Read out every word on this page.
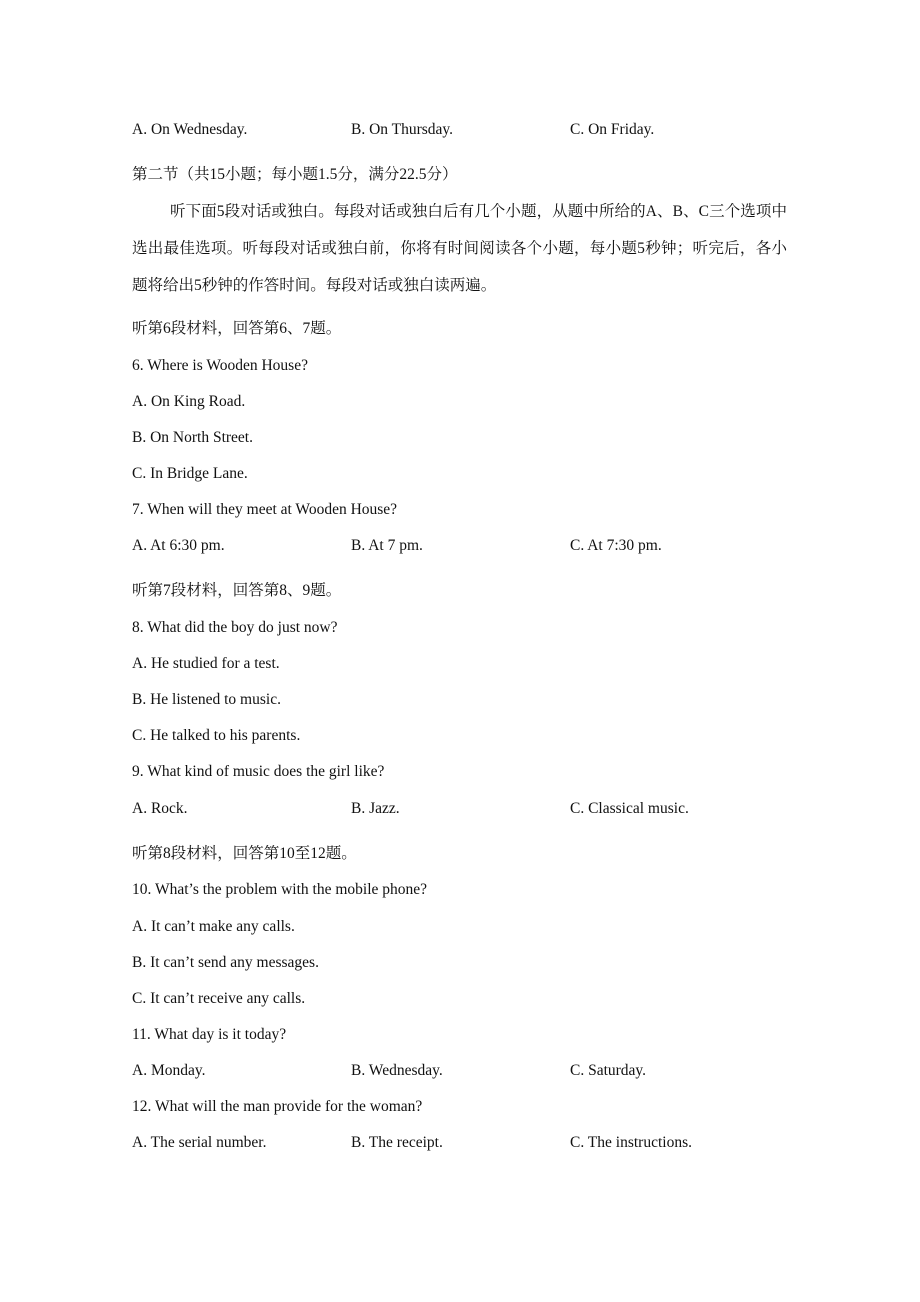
A. On Wednesday.	B. On Thursday.	C. On Friday.
第二节（共15小题；每小题1.5分，满分22.5分）
听下面5段对话或独白。每段对话或独白后有几个小题，从题中所给的A、B、C三个选项中选出最佳选项。听每段对话或独白前，你将有时间阅读各个小题，每小题5秒钟；听完后，各小题将给出5秒钟的作答时间。每段对话或独白读两遍。
听第6段材料，回答第6、7题。
6. Where is Wooden House?
A. On King Road.
B. On North Street.
C. In Bridge Lane.
7. When will they meet at Wooden House?
A. At 6:30 pm.	B. At 7 pm.	C. At 7:30 pm.
听第7段材料，回答第8、9题。
8. What did the boy do just now?
A. He studied for a test.
B. He listened to music.
C. He talked to his parents.
9. What kind of music does the girl like?
A. Rock.	B. Jazz.	C. Classical music.
听第8段材料，回答第10至12题。
10. What’s the problem with the mobile phone?
A. It can’t make any calls.
B. It can’t send any messages.
C. It can’t receive any calls.
11. What day is it today?
A. Monday.	B. Wednesday.	C. Saturday.
12. What will the man provide for the woman?
A. The serial number.	B. The receipt.	C. The instructions.
